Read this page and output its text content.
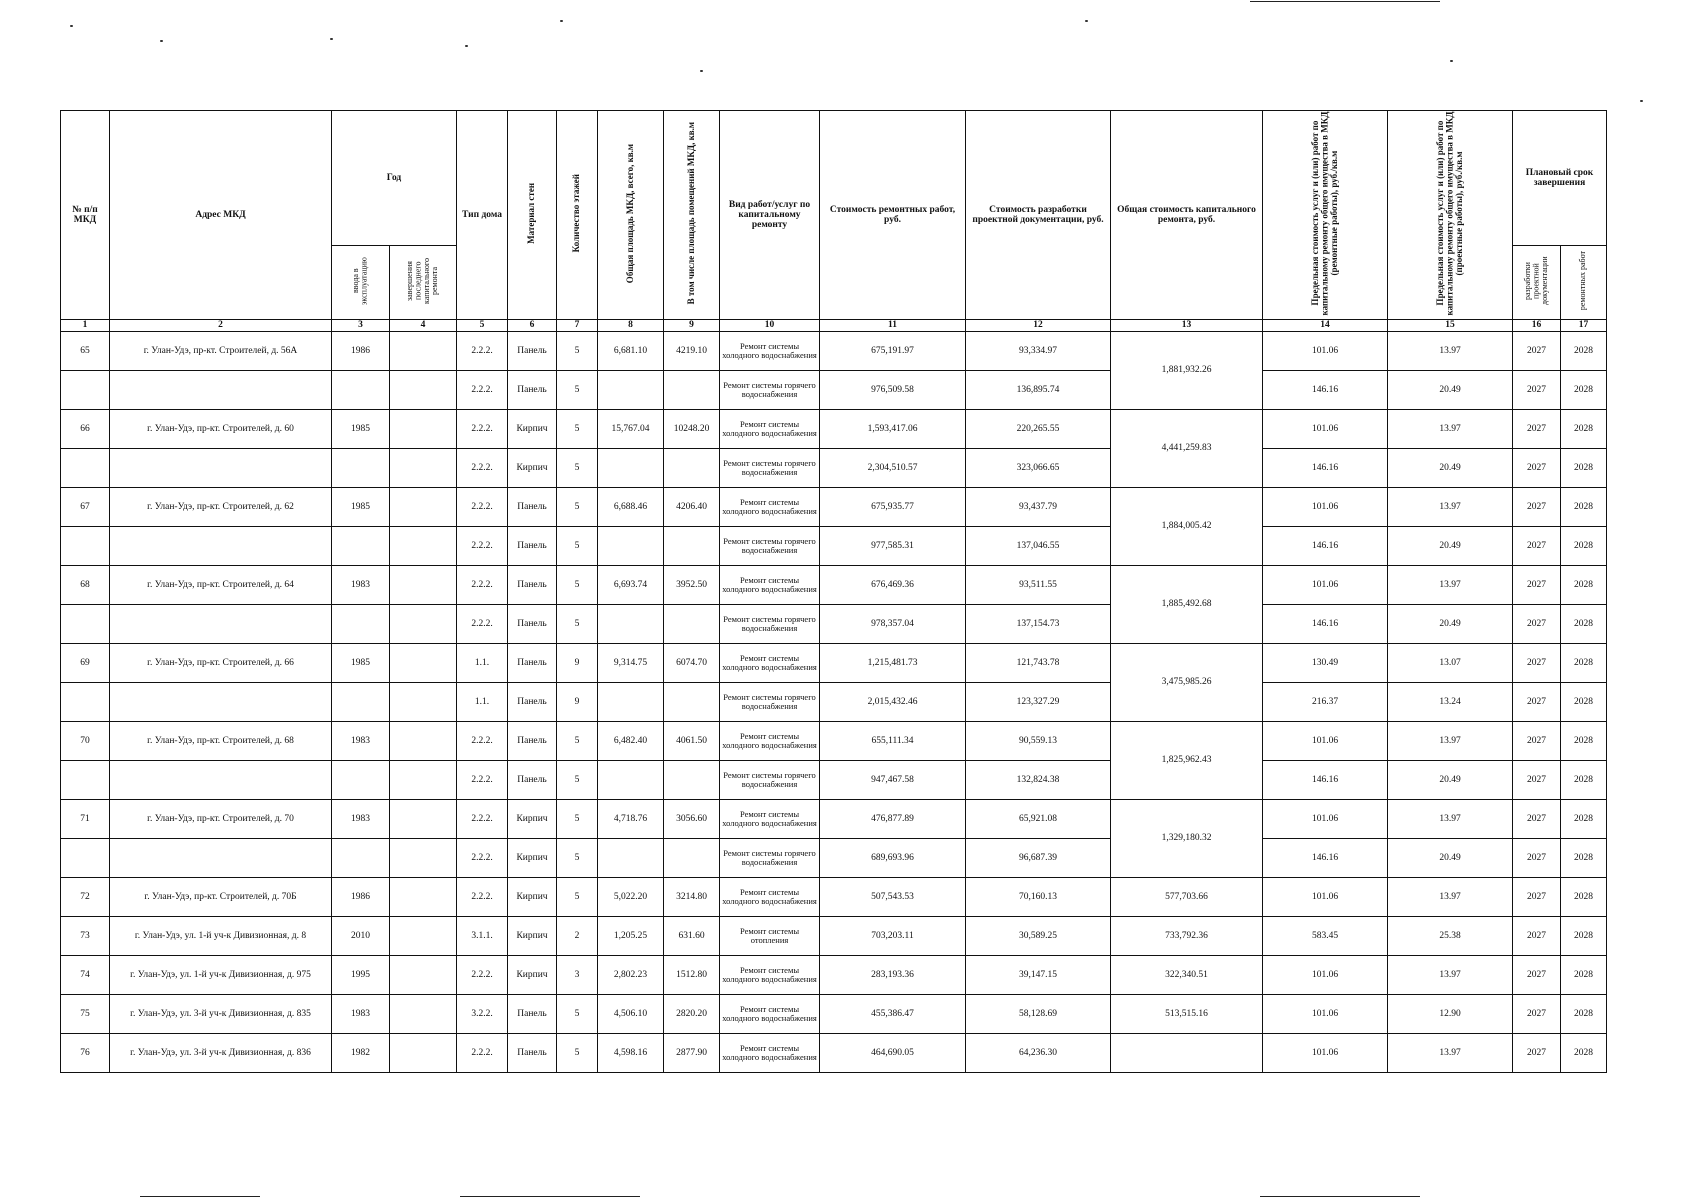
№ п/п МКД	Адрес МКД	Год		Тип дома	Материал стен	Количество этажей	Общая площадь МКД, всего, кв.м	В том числе площадь помещений МКД, кв.м	Вид работ/услуг по капитальному ремонту	Стоимость ремонтных работ, руб.	Стоимость разработки проектной документации, руб.	Общая стоимость капитального ремонта, руб.	Предельная стоимость услуг и (или) работ по капитальному ремонту общего имущества в МКД (ремонтные работы), руб./кв.м	Предельная стоимость услуг и (или) работ по капитальному ремонту общего имущества в МКД (проектные работы), руб./кв.м	Плановый срок завершения	
		ввода в эксплуатацию	завершения последнего капитального ремонта												разработки проектной документации	ремонтных работ
1	2	3	4	5	6	7	8	9	10	11	12	13	14	15	16	17
65	г. Улан-Удэ, пр-кт. Строителей, д. 56А	1986		2.2.2.	Панель	5	6,681.10	4219.10	Ремонт системы холодного водоснабжения	675,191.97	93,334.97	1,881,932.26	101.06	13.97	2027	2028
				2.2.2.	Панель	5			Ремонт системы горячего водоснабжения	976,509.58	136,895.74		146.16	20.49	2027	2028
66	г. Улан-Удэ, пр-кт. Строителей, д. 60	1985		2.2.2.	Кирпич	5	15,767.04	10248.20	Ремонт системы холодного водоснабжения	1,593,417.06	220,265.55	4,441,259.83	101.06	13.97	2027	2028
				2.2.2.	Кирпич	5			Ремонт системы горячего водоснабжения	2,304,510.57	323,066.65		146.16	20.49	2027	2028
67	г. Улан-Удэ, пр-кт. Строителей, д. 62	1985		2.2.2.	Панель	5	6,688.46	4206.40	Ремонт системы холодного водоснабжения	675,935.77	93,437.79	1,884,005.42	101.06	13.97	2027	2028
				2.2.2.	Панель	5			Ремонт системы горячего водоснабжения	977,585.31	137,046.55		146.16	20.49	2027	2028
68	г. Улан-Удэ, пр-кт. Строителей, д. 64	1983		2.2.2.	Панель	5	6,693.74	3952.50	Ремонт системы холодного водоснабжения	676,469.36	93,511.55	1,885,492.68	101.06	13.97	2027	2028
				2.2.2.	Панель	5			Ремонт системы горячего водоснабжения	978,357.04	137,154.73		146.16	20.49	2027	2028
69	г. Улан-Удэ, пр-кт. Строителей, д. 66	1985		1.1.	Панель	9	9,314.75	6074.70	Ремонт системы холодного водоснабжения	1,215,481.73	121,743.78	3,475,985.26	130.49	13.07	2027	2028
				1.1.	Панель	9			Ремонт системы горячего водоснабжения	2,015,432.46	123,327.29		216.37	13.24	2027	2028
70	г. Улан-Удэ, пр-кт. Строителей, д. 68	1983		2.2.2.	Панель	5	6,482.40	4061.50	Ремонт системы холодного водоснабжения	655,111.34	90,559.13	1,825,962.43	101.06	13.97	2027	2028
				2.2.2.	Панель	5			Ремонт системы горячего водоснабжения	947,467.58	132,824.38		146.16	20.49	2027	2028
71	г. Улан-Удэ, пр-кт. Строителей, д. 70	1983		2.2.2.	Кирпич	5	4,718.76	3056.60	Ремонт системы холодного водоснабжения	476,877.89	65,921.08	1,329,180.32	101.06	13.97	2027	2028
				2.2.2.	Кирпич	5			Ремонт системы горячего водоснабжения	689,693.96	96,687.39		146.16	20.49	2027	2028
72	г. Улан-Удэ, пр-кт. Строителей, д. 70Б	1986		2.2.2.	Кирпич	5	5,022.20	3214.80	Ремонт системы холодного водоснабжения	507,543.53	70,160.13	577,703.66	101.06	13.97	2027	2028
73	г. Улан-Удэ, ул. 1-й уч-к Дивизионная, д. 8	2010		3.1.1.	Кирпич	2	1,205.25	631.60	Ремонт системы отопления	703,203.11	30,589.25	733,792.36	583.45	25.38	2027	2028
74	г. Улан-Удэ, ул. 1-й уч-к Дивизионная, д. 975	1995		2.2.2.	Кирпич	3	2,802.23	1512.80	Ремонт системы холодного водоснабжения	283,193.36	39,147.15	322,340.51	101.06	13.97	2027	2028
75	г. Улан-Удэ, ул. 3-й уч-к Дивизионная, д. 835	1983		3.2.2.	Панель	5	4,506.10	2820.20	Ремонт системы холодного водоснабжения	455,386.47	58,128.69	513,515.16	101.06	12.90	2027	2028
76	г. Улан-Удэ, ул. 3-й уч-к Дивизионная, д. 836	1982		2.2.2.	Панель	5	4,598.16	2877.90	Ремонт системы холодного водоснабжения	464,690.05	64,236.30		101.06	13.97	2027	2028
